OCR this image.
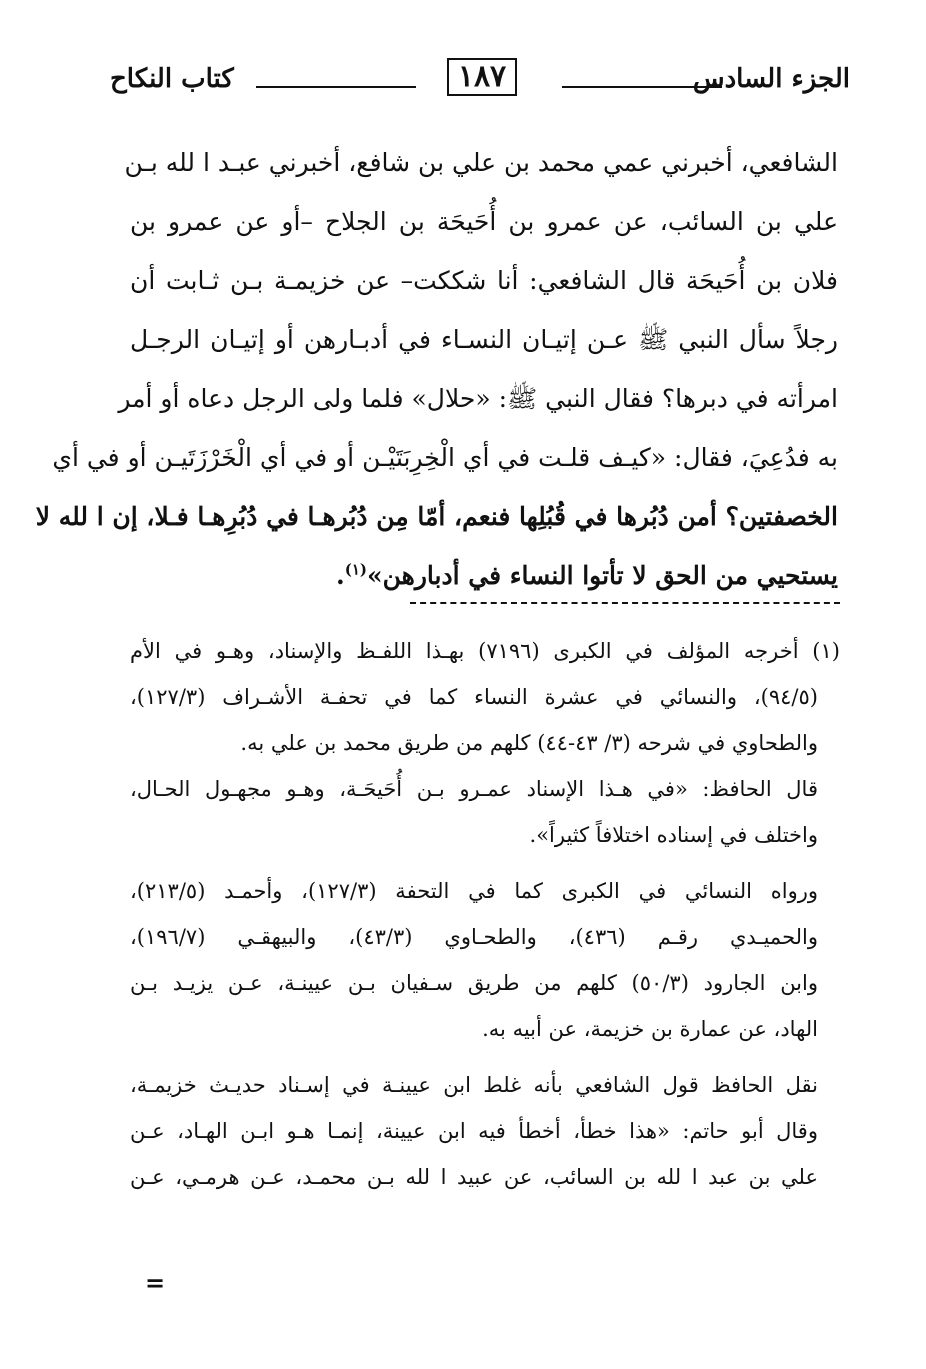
الجزء السادس
١٨٧
كتاب النكاح
الشافعي، أخبرني عمي محمد بن علي بن شافع، أخبرني عبـد ا لله بـن
علي بن السائب، عن عمرو بن أُحَيحَة بن الجلاح –أو عن عمرو بن
فلان بن أُحَيحَة قال الشافعي: أنا شككت– عن خزيمـة بـن ثـابت أن
رجلاً سأل النبي ﷺ عـن إتيـان النسـاء في أدبـارهن أو إتيـان الرجـل
امرأته في دبرها؟ فقال النبي ﷺ: «حلال» فلما ولى الرجل دعاه أو أمر
به فدُعِيَ، فقال: «كيـف قلـت في أي الْخِرِبَتَيْـن أو في أي الْخَرْزَتَيـن أو في أي
الخصفتين؟ أمن دُبُرها في قُبُلِها فنعم، أمّا مِن دُبُرهـا في دُبُرِهـا فـلا، إن ا لله لا
يستحيي من الحق لا تأتوا النساء في أدبارهن»$^{(١)}$.
(١) أخرجه المؤلف في الكبرى (٧١٩٦) بهـذا اللفـظ والإسناد، وهـو في الأم
(٩٤/٥)، والنسائي في عشرة النساء كما في تحفـة الأشـراف (١٢٧/٣)،
والطحاوي في شرحه (٣/ ٤٣-٤٤) كلهم من طريق محمد بن علي به.
قال الحافظ: «في هـذا الإسناد عمـرو بـن أُحَيحَـة، وهـو مجهـول الحـال،
واختلف في إسناده اختلافاً كثيراً».
ورواه النسائي في الكبرى كما في التحفة (١٢٧/٣)، وأحمـد (٢١٣/٥)،
والحميـدي رقـم (٤٣٦)، والطحـاوي (٤٣/٣)، والبيهقـي (١٩٦/٧)،
وابن الجارود (٥٠/٣) كلهم من طريق سـفيان بـن عيينـة، عـن يزيـد بـن
الهاد، عن عمارة بن خزيمة، عن أبيه به.
نقل الحافظ قول الشافعي بأنه غلط ابن عيينـة في إسـناد حديـث خزيمـة،
وقال أبو حاتم: «هذا خطأ، أخطأ فيه ابن عيينة، إنمـا هـو ابـن الهـاد، عـن
علي بن عبد ا لله بن السائب، عن عبيد ا لله بـن محمـد، عـن هرمـي، عـن
=
